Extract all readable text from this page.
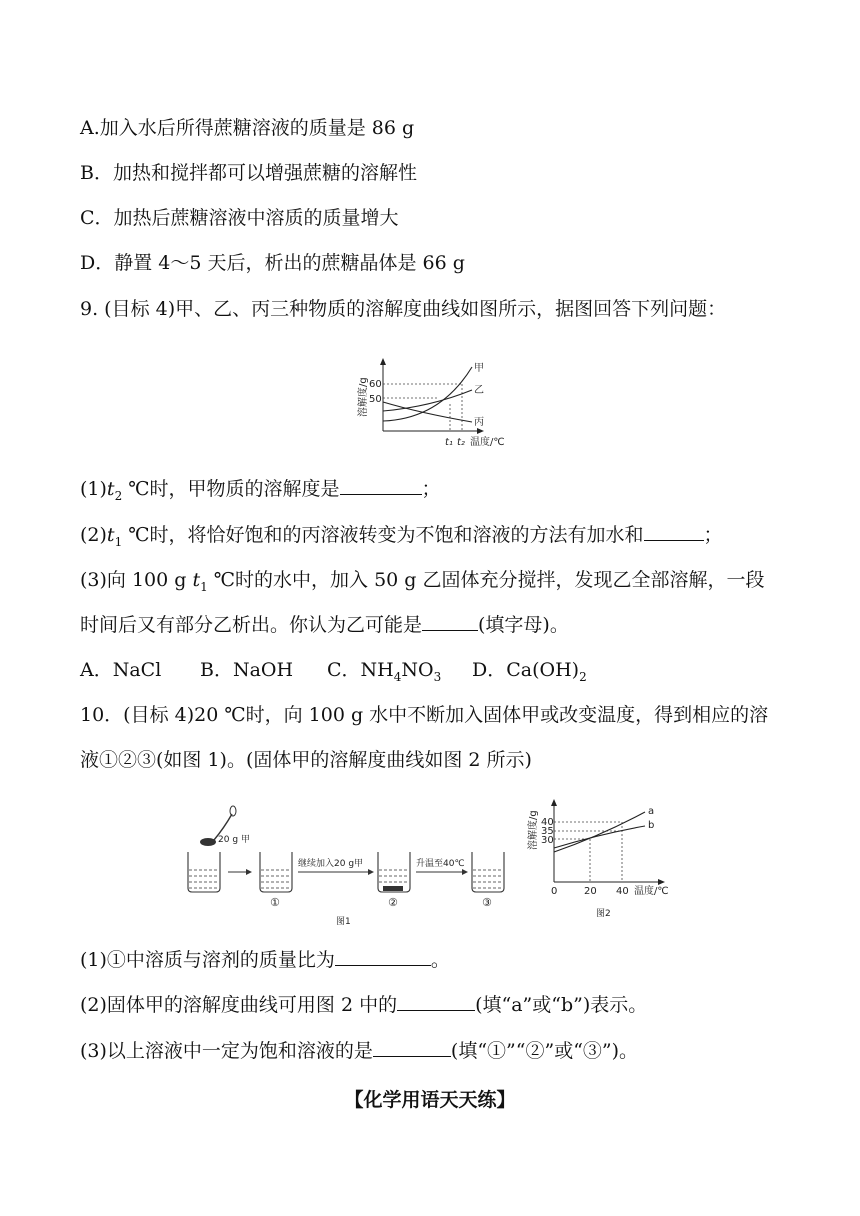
A.加入水后所得蔗糖溶液的质量是 86 g
B．加热和搅拌都可以增强蔗糖的溶解性
C．加热后蔗糖溶液中溶质的质量增大
D．静置 4～5 天后，析出的蔗糖晶体是 66 g
9. (目标 4)甲、乙、丙三种物质的溶解度曲线如图所示，据图回答下列问题：
溶解度/g 60
50
甲
乙
丙
t₁ t₂ 温度/℃
$(1)t_2$ ℃时，甲物质的溶解度是	；
$(2)t_1$ ℃时，将恰好饱和的丙溶液转变为不饱和溶液的方法有加水和	；
(3)向 100 g $t_1$ ℃时的水中，加入 50 g 乙固体充分搅拌，发现乙全部溶解，一段
时间后又有部分乙析出。你认为乙可能是	(填字母)。
A．NaCl B．NaOH C．$NH_4NO_3$ D．$Ca(OH)_2$
10．(目标 4)20 ℃时，向 100 g 水中不断加入固体甲或改变温度，得到相应的溶
液①②③(如图 1)。(固体甲的溶解度曲线如图 2 所示)
20 g 甲
①
继续加入20 g甲
②
升温至40℃
③
图1
溶解度/g 40
35
30
a
b
0	20 40 温度/℃
图2
(1)①中溶质与溶剂的质量比为	。
(2)固体甲的溶解度曲线可用图 2 中的	(填“a”或“b”)表示。
(3)以上溶液中一定为饱和溶液的是	(填“①”“②”或“③”)。
【化学用语天天练】
